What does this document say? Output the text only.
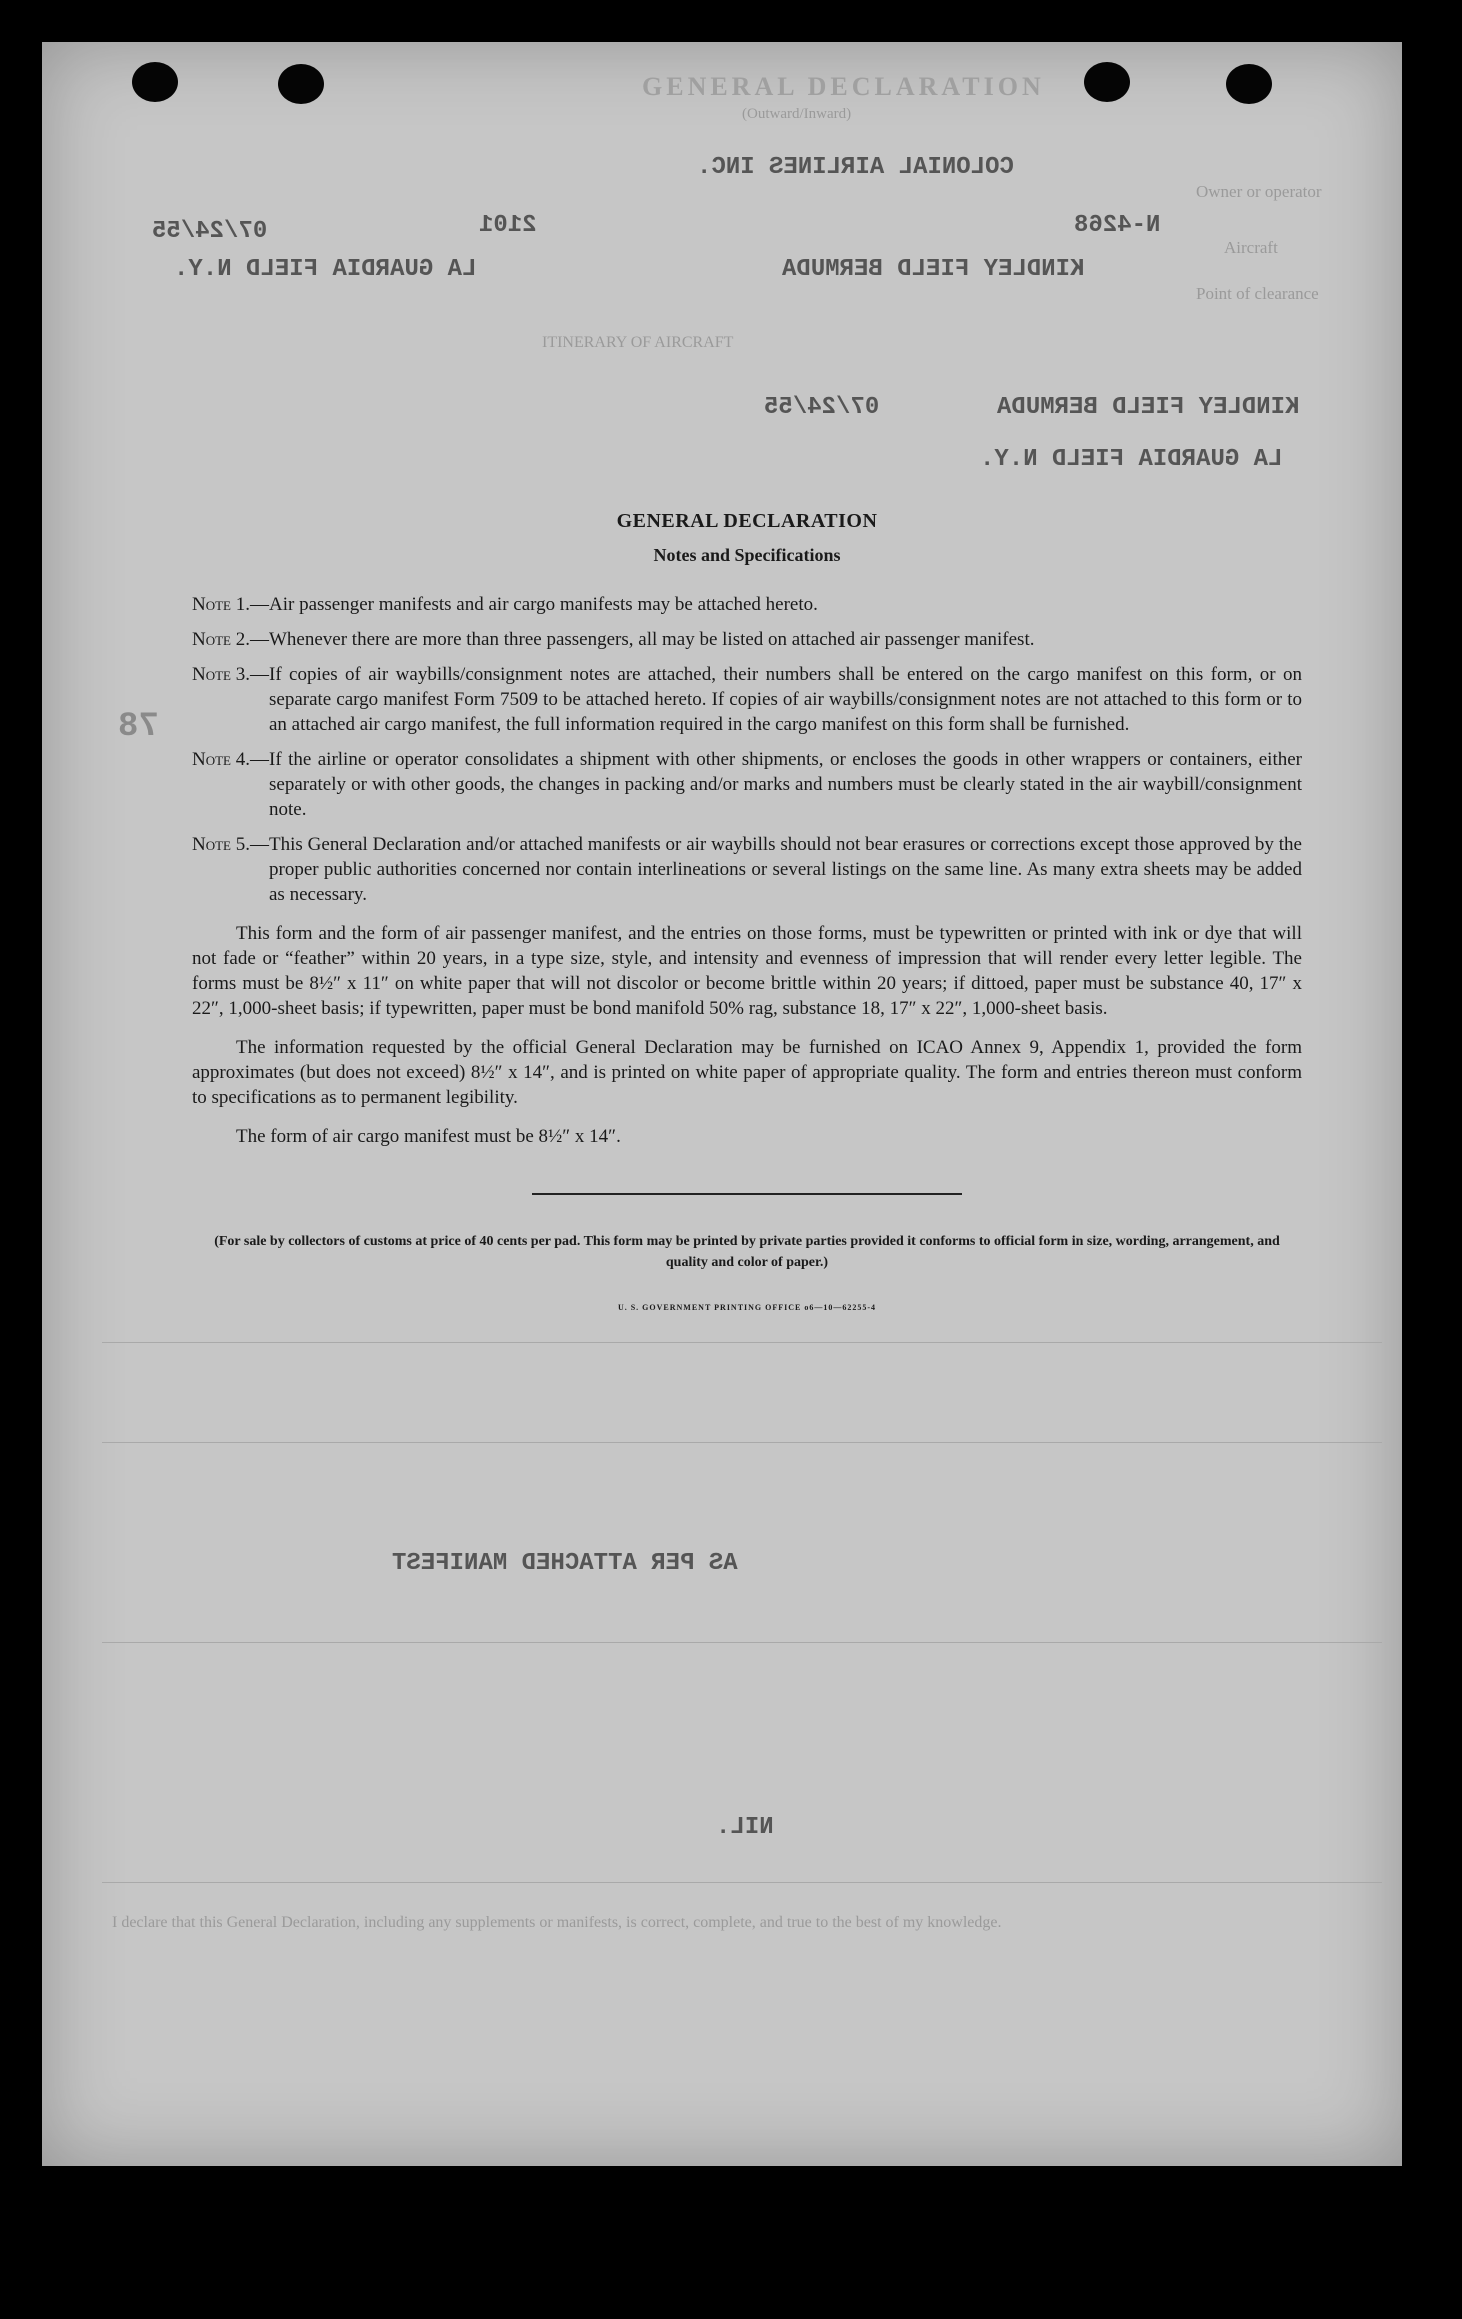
GENERAL DECLARATION
(Outward/Inward)
Owner or operator
Aircraft
Point of clearance
ITINERARY OF AIRCRAFT
I declare that this General Declaration, including any supplements or manifests, is correct, complete, and true to the best of my knowledge.
COLONIAL AIRLINES INC.
N-4268
2101
07/24/55
KINDLEY FIELD BERMUDA
LA GUARDIA FIELD N.Y.
KINDLEY FIELD BERMUDA
07/24/55
LA GUARDIA FIELD N.Y.
78
AS PER ATTACHED MANIFEST
NIL.
GENERAL DECLARATION
Notes and Specifications
Note 1.— Air passenger manifests and air cargo manifests may be attached hereto.
Note 2.— Whenever there are more than three passengers, all may be listed on attached air passenger manifest.
Note 3.— If copies of air waybills/consignment notes are attached, their numbers shall be entered on the cargo manifest on this form, or on separate cargo manifest Form 7509 to be attached hereto. If copies of air waybills/consignment notes are not attached to this form or to an attached air cargo manifest, the full information required in the cargo manifest on this form shall be furnished.
Note 4.— If the airline or operator consolidates a shipment with other shipments, or encloses the goods in other wrappers or containers, either separately or with other goods, the changes in packing and/or marks and numbers must be clearly stated in the air waybill/consignment note.
Note 5.— This General Declaration and/or attached manifests or air waybills should not bear erasures or corrections except those approved by the proper public authorities concerned nor contain interlineations or several listings on the same line. As many extra sheets may be added as necessary.

This form and the form of air passenger manifest, and the entries on those forms, must be typewritten or printed with ink or dye that will not fade or “feather” within 20 years, in a type size, style, and intensity and evenness of impression that will render every letter legible. The forms must be 8½″ x 11″ on white paper that will not discolor or become brittle within 20 years; if dittoed, paper must be substance 40, 17″ x 22″, 1,000-sheet basis; if typewritten, paper must be bond manifold 50% rag, substance 18, 17″ x 22″, 1,000-sheet basis.

The information requested by the official General Declaration may be furnished on ICAO Annex 9, Appendix 1, provided the form approximates (but does not exceed) 8½″ x 14″, and is printed on white paper of appropriate quality. The form and entries thereon must conform to specifications as to permanent legibility.

The form of air cargo manifest must be 8½″ x 14″.

(For sale by collectors of customs at price of 40 cents per pad. This form may be printed by private parties provided it conforms to official form in size, wording, arrangement, and quality and color of paper.)
U. S. GOVERNMENT PRINTING OFFICE o6—10—62255-4
